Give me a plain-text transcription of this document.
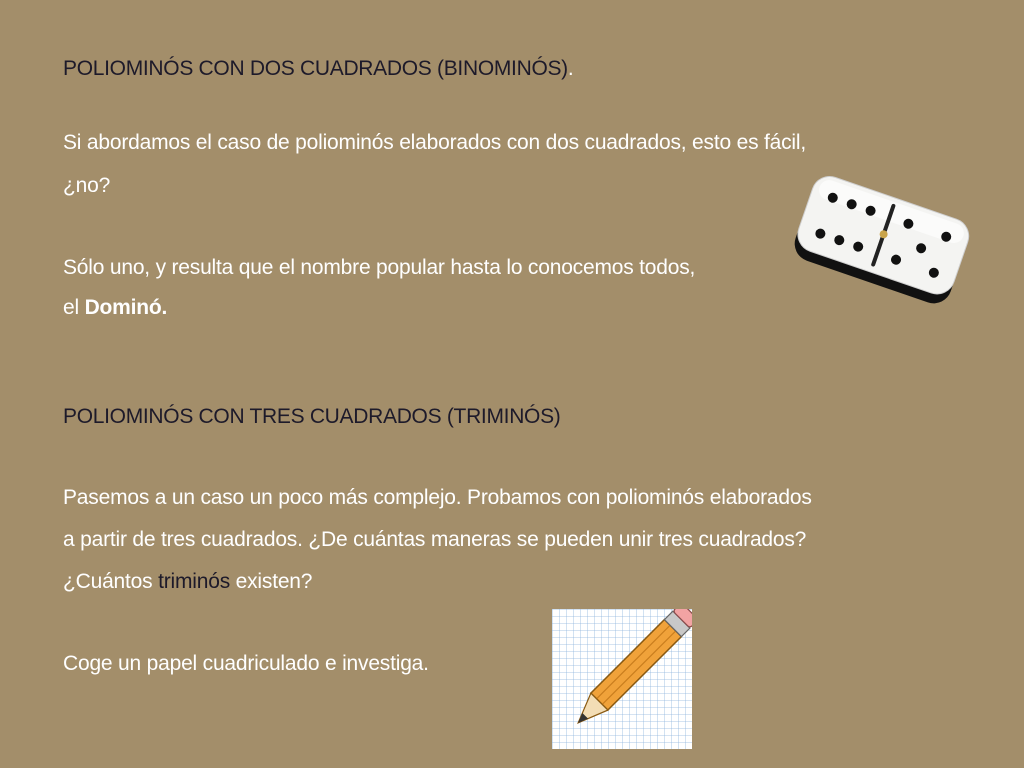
POLIOMINÓS CON DOS CUADRADOS (BINOMINÓS).

Si abordamos el caso de poliominós elaborados con dos cuadrados, esto es fácil,

¿no?

Sólo uno, y resulta que el nombre popular hasta lo conocemos todos,

el Dominó.

POLIOMINÓS CON TRES CUADRADOS (TRIMINÓS)

Pasemos a un caso un poco más complejo. Probamos con poliominós elaborados

a partir de tres cuadrados. ¿De cuántas maneras se pueden unir tres cuadrados?

¿Cuántos triminós existen?

Coge un papel cuadriculado e investiga.
